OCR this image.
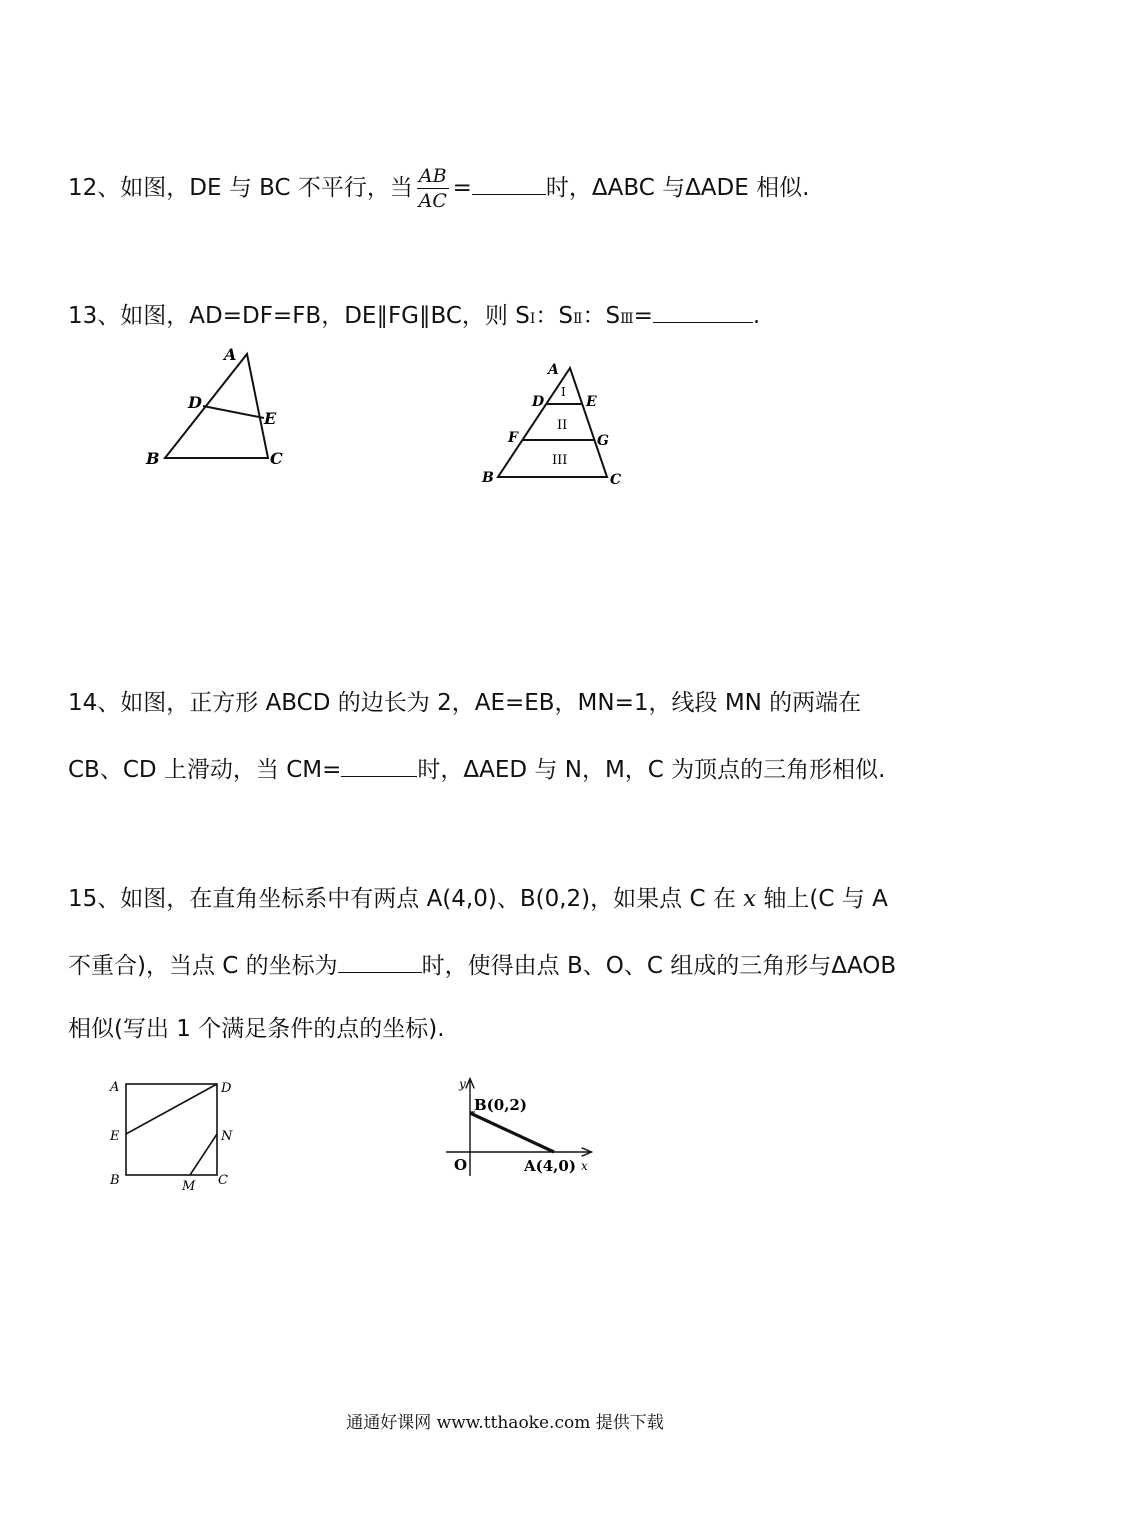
12、如图，DE 与 BC 不平行，当 $\frac{AB}{AC}$ =	时，ΔABC 与ΔADE 相似.
13、如图，AD=DF=FB，DE∥FG∥BC，则 SⅠ：SⅡ：SⅢ=	.
A
D
E
B	C
A
D	E
F	G
B	C
I
II
III
14、如图，正方形 ABCD 的边长为 2，AE=EB，MN=1，线段 MN 的两端在
CB、CD 上滑动，当 CM=	时，ΔAED 与 N，M，C 为顶点的三角形相似.
15、如图，在直角坐标系中有两点 A(4,0)、B(0,2)，如果点 C 在 x 轴上(C 与 A
不重合)，当点 C 的坐标为	时，使得由点 B、O、C 组成的三角形与ΔAOB
相似(写出 1 个满足条件的点的坐标).
A	D
E	N
B	M C
y
B(0,2)
O	A(4,0) x
通通好课网 www.tthaoke.com 提供下载
